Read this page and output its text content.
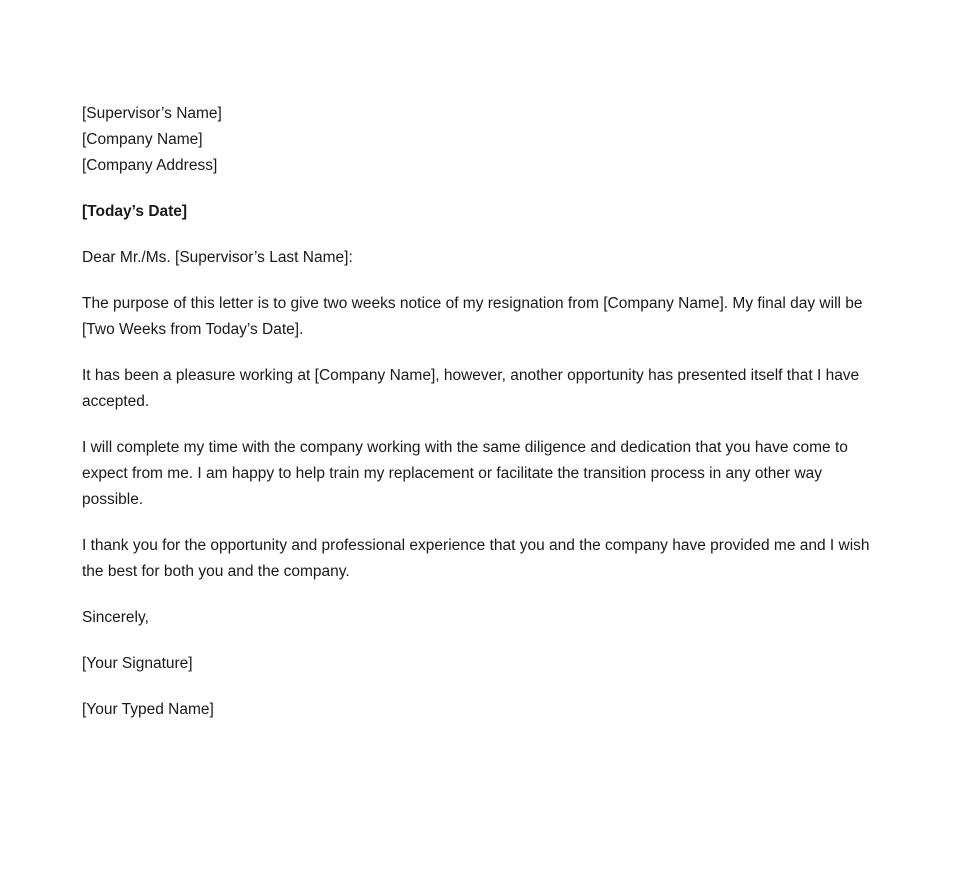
[Supervisor’s Name]
[Company Name]
[Company Address]
[Today’s Date]
Dear Mr./Ms. [Supervisor’s Last Name]:
The purpose of this letter is to give two weeks notice of my resignation from [Company Name]. My final day will be [Two Weeks from Today’s Date].
It has been a pleasure working at [Company Name], however, another opportunity has presented itself that I have accepted.
I will complete my time with the company working with the same diligence and dedication that you have come to expect from me. I am happy to help train my replacement or facilitate the transition process in any other way possible.
I thank you for the opportunity and professional experience that you and the company have provided me and I wish the best for both you and the company.
Sincerely,
[Your Signature]
[Your Typed Name]
